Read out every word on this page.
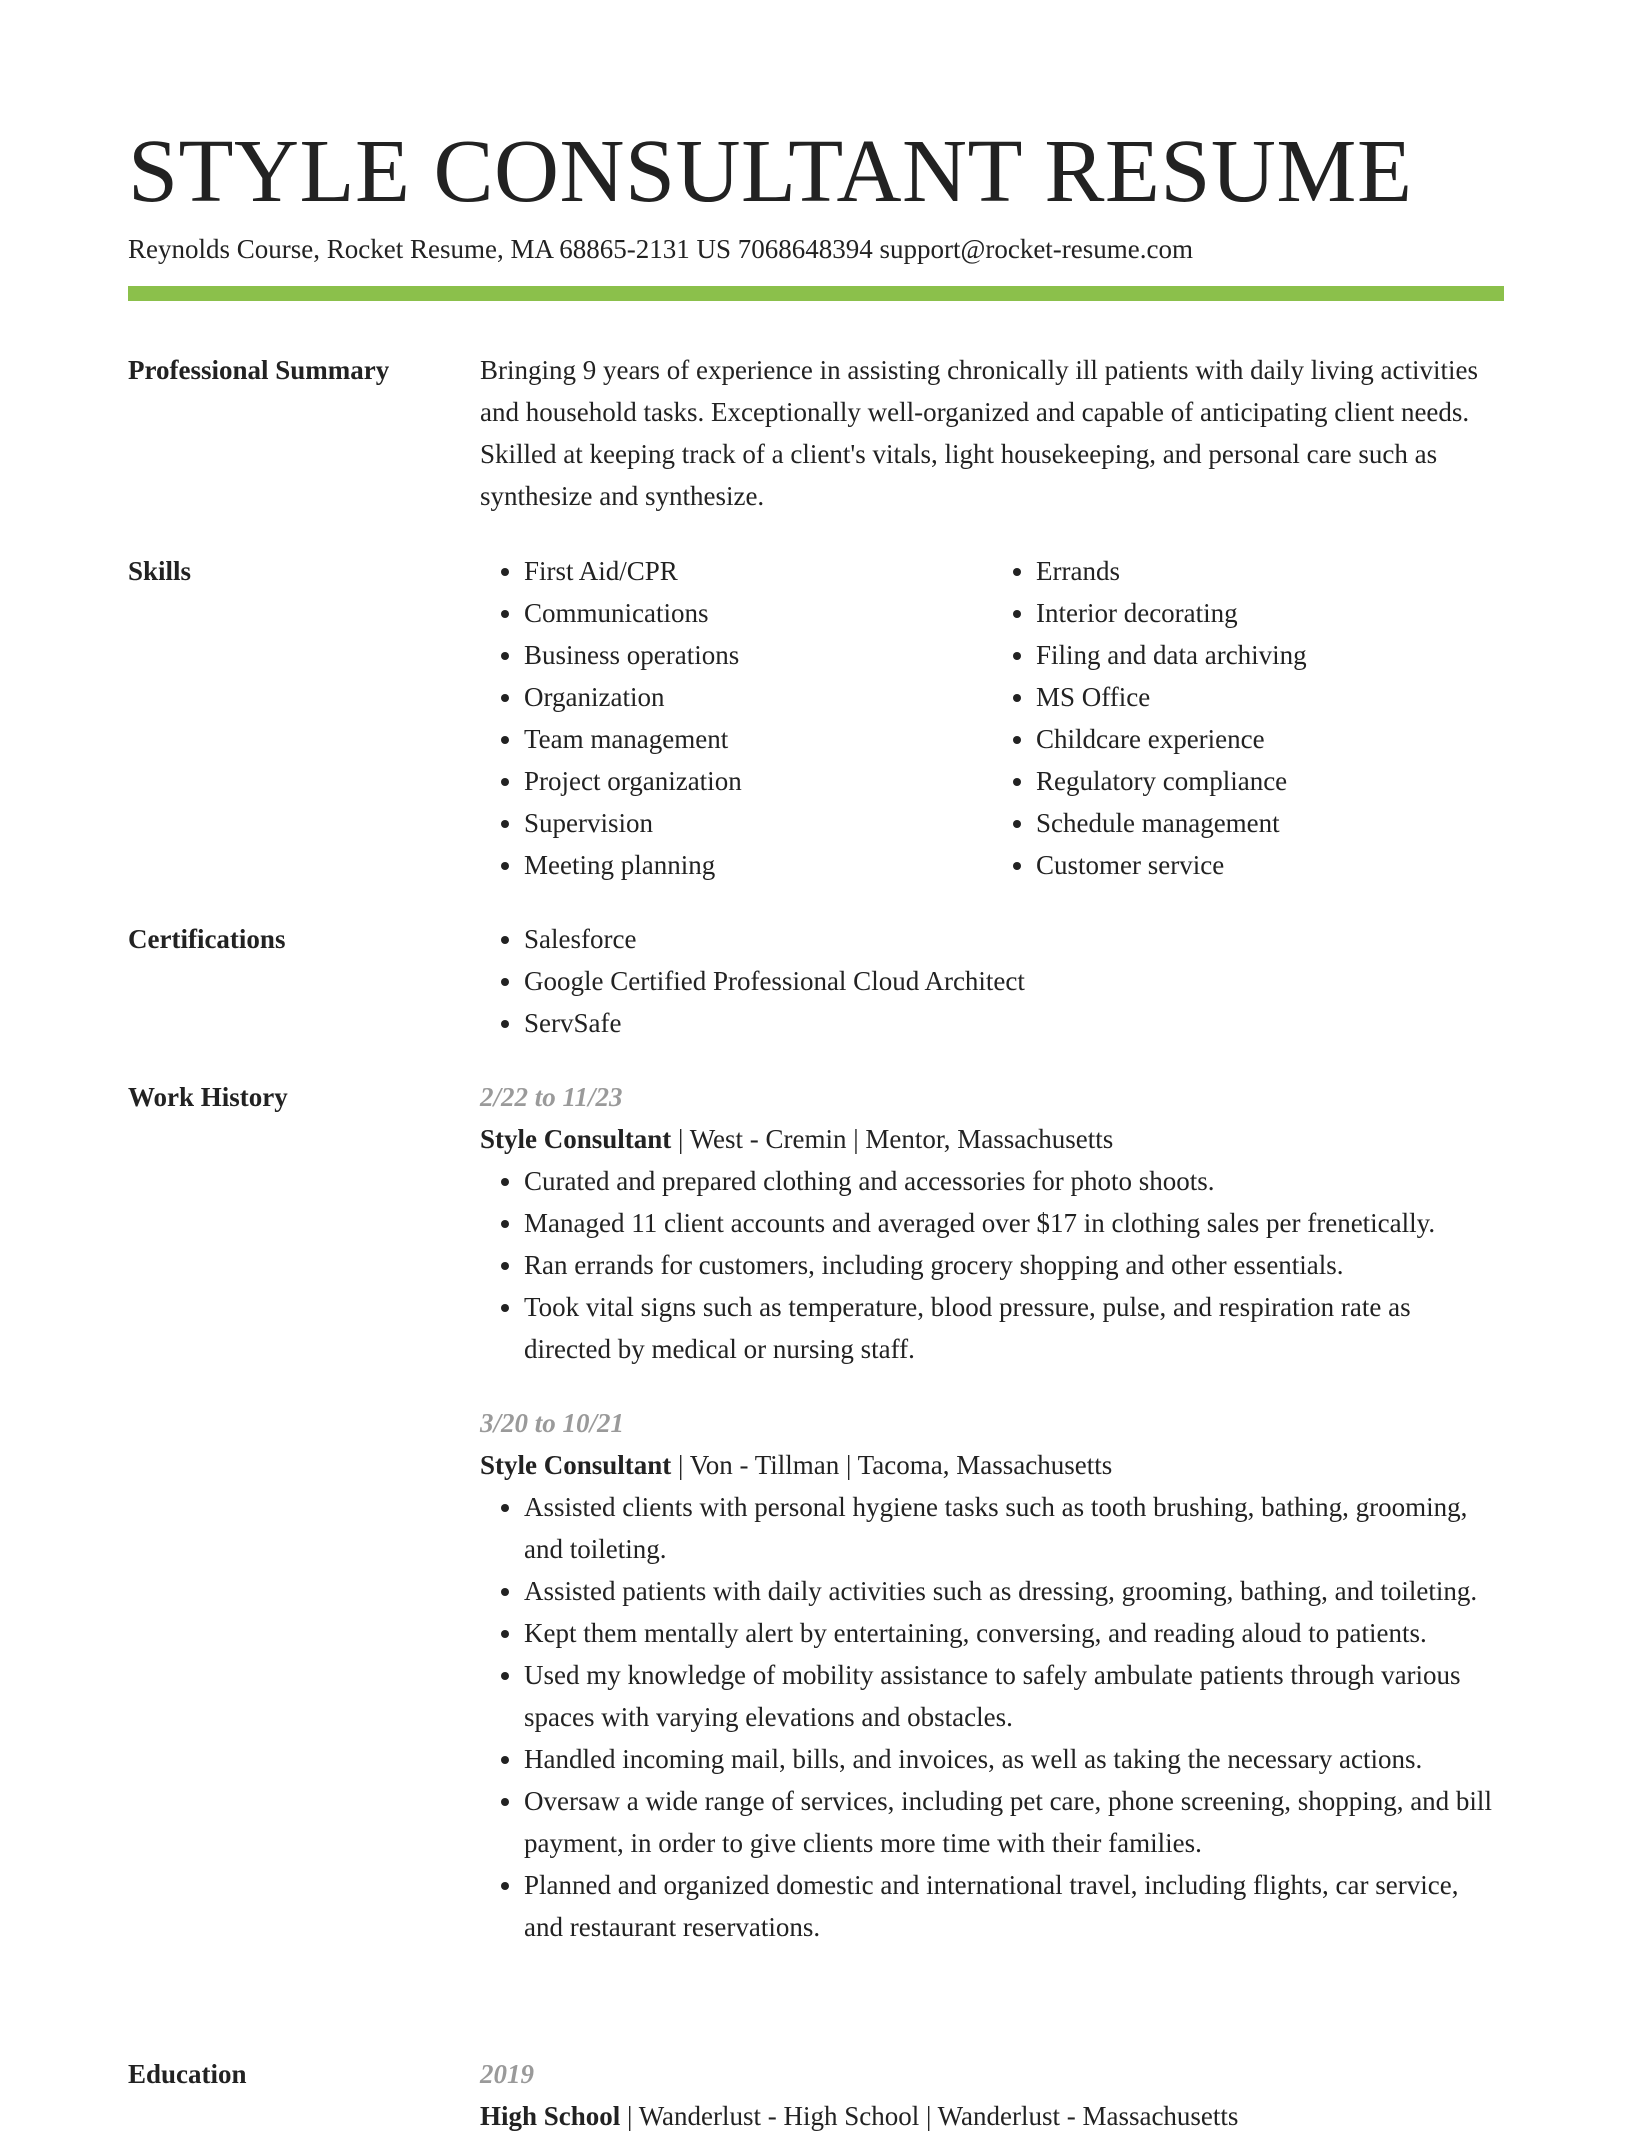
STYLE CONSULTANT RESUME
Reynolds Course, Rocket Resume, MA 68865-2131 US 7068648394 support@rocket-resume.com
Professional Summary	Bringing 9 years of experience in assisting chronically ill patients with daily living activities and household tasks. Exceptionally well-organized and capable of anticipating client needs. Skilled at keeping track of a client's vitals, light housekeeping, and personal care such as synthesize and synthesize.

Skills	• First Aid/CPR
• Communications
• Business operations
• Organization
• Team management
• Project organization
• Supervision
• Meeting planning
• Errands
• Interior decorating
• Filing and data archiving
• MS Office
• Childcare experience
• Regulatory compliance
• Schedule management
• Customer service
Certifications	• Salesforce
• Google Certified Professional Cloud Architect
• ServSafe
Work History	2/22 to 11/23
Style Consultant | West - Cremin | Mentor, Massachusetts
• Curated and prepared clothing and accessories for photo shoots.
• Managed 11 client accounts and averaged over $17 in clothing sales per frenetically.
• Ran errands for customers, including grocery shopping and other essentials.
• Took vital signs such as temperature, blood pressure, pulse, and respiration rate as directed by medical or nursing staff.
3/20 to 10/21
Style Consultant | Von - Tillman | Tacoma, Massachusetts
• Assisted clients with personal hygiene tasks such as tooth brushing, bathing, grooming, and toileting.
• Assisted patients with daily activities such as dressing, grooming, bathing, and toileting.
• Kept them mentally alert by entertaining, conversing, and reading aloud to patients.
• Used my knowledge of mobility assistance to safely ambulate patients through various spaces with varying elevations and obstacles.
• Handled incoming mail, bills, and invoices, as well as taking the necessary actions.
• Oversaw a wide range of services, including pet care, phone screening, shopping, and bill payment, in order to give clients more time with their families.
• Planned and organized domestic and international travel, including flights, car service, and restaurant reservations.
Education	2019
High School | Wanderlust - High School | Wanderlust - Massachusetts
